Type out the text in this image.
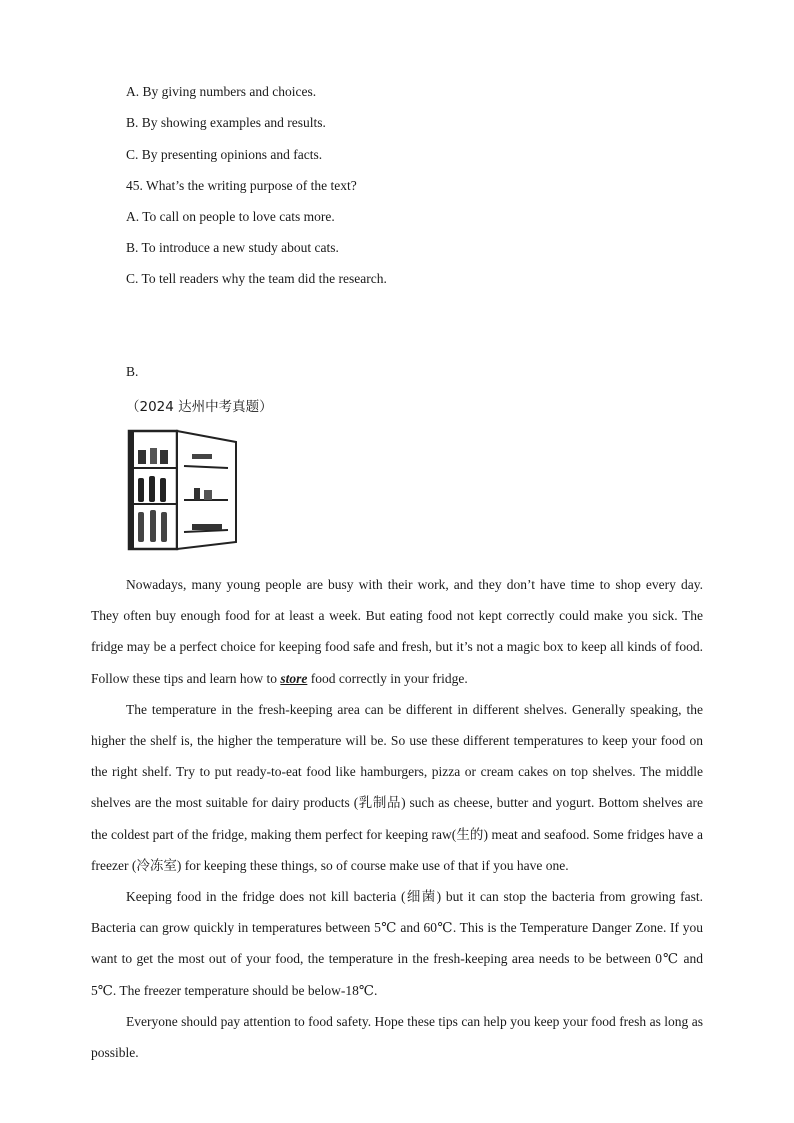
A. By giving numbers and choices.
B. By showing examples and results.
C. By presenting opinions and facts.
45. What’s the writing purpose of the text?
A. To call on people to love cats more.
B. To introduce a new study about cats.
C. To tell readers why the team did the research.
B.
（2024 达州中考真题）

Nowadays, many young people are busy with their work, and they don’t have time to shop every day. They often buy enough food for at least a week. But eating food not kept correctly could make you sick. The fridge may be a perfect choice for keeping food safe and fresh, but it’s not a magic box to keep all kinds of food. Follow these tips and learn how to store food correctly in your fridge.

The temperature in the fresh-keeping area can be different in different shelves. Generally speaking, the higher the shelf is, the higher the temperature will be. So use these different temperatures to keep your food on the right shelf. Try to put ready-to-eat food like hamburgers, pizza or cream cakes on top shelves. The middle shelves are the most suitable for dairy products (乳制品) such as cheese, butter and yogurt. Bottom shelves are the coldest part of the fridge, making them perfect for keeping raw(生的) meat and seafood. Some fridges have a freezer (冷冻室) for keeping these things, so of course make use of that if you have one.

Keeping food in the fridge does not kill bacteria (细菌) but it can stop the bacteria from growing fast. Bacteria can grow quickly in temperatures between 5℃ and 60℃. This is the Temperature Danger Zone. If you want to get the most out of your food, the temperature in the fresh-keeping area needs to be between 0℃ and 5℃. The freezer temperature should be below-18℃.

Everyone should pay attention to food safety. Hope these tips can help you keep your food fresh as long as possible.
